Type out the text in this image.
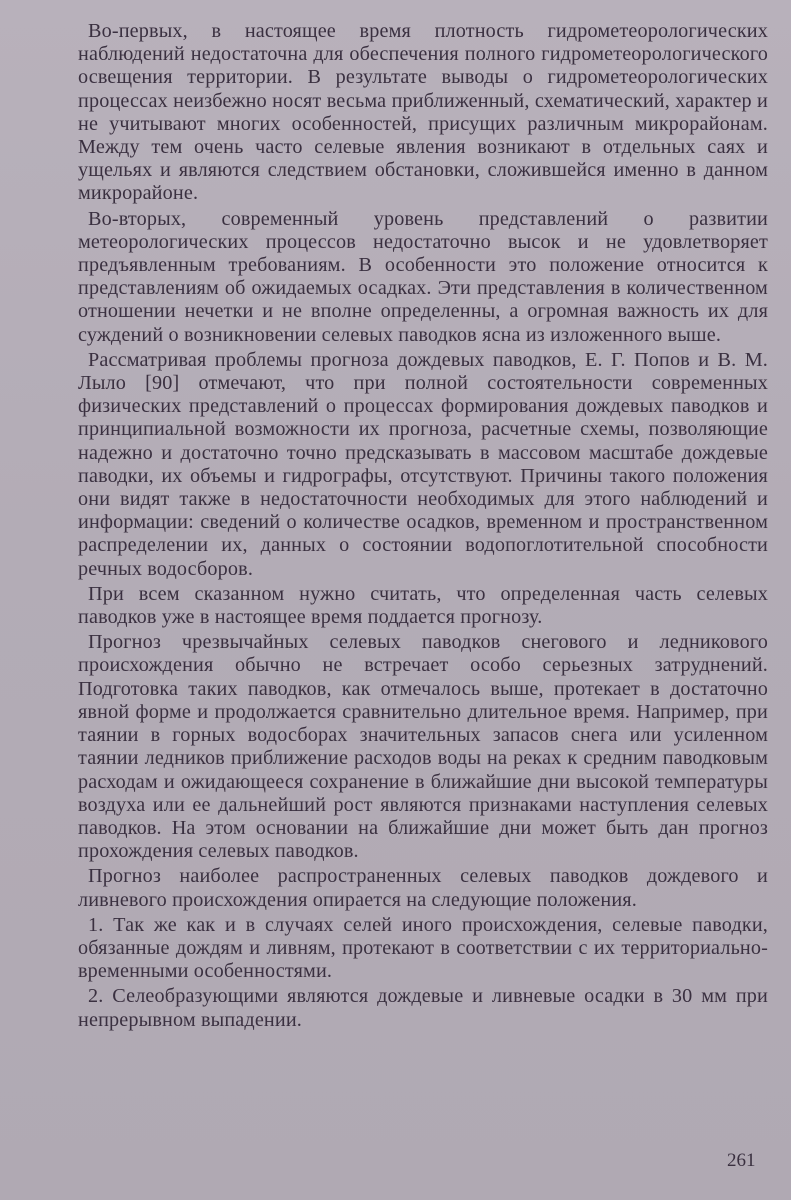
Во-первых, в настоящее время плотность гидрометеорологических наблюдений недостаточна для обеспечения полного гидрометеорологического освещения территории. В результате выводы о гидрометеорологических процессах неизбежно носят весьма приближенный, схематический, характер и не учитывают многих особенностей, присущих различным микрорайонам. Между тем очень часто селевые явления возникают в отдельных саях и ущельях и являются следствием обстановки, сложившейся именно в данном микрорайоне.

Во-вторых, современный уровень представлений о развитии метеорологических процессов недостаточно высок и не удовлетворяет предъявленным требованиям. В особенности это положение относится к представлениям об ожидаемых осадках. Эти представления в количественном отношении нечетки и не вполне определенны, а огромная важность их для суждений о возникновении селевых паводков ясна из изложенного выше.

Рассматривая проблемы прогноза дождевых паводков, Е. Г. Попов и В. М. Лыло [90] отмечают, что при полной состоятельности современных физических представлений о процессах формирования дождевых паводков и принципиальной возможности их прогноза, расчетные схемы, позволяющие надежно и достаточно точно предсказывать в массовом масштабе дождевые паводки, их объемы и гидрографы, отсутствуют. Причины такого положения они видят также в недостаточности необходимых для этого наблюдений и информации: сведений о количестве осадков, временном и пространственном распределении их, данных о состоянии водопоглотительной способности речных водосборов.

При всем сказанном нужно считать, что определенная часть селевых паводков уже в настоящее время поддается прогнозу.

Прогноз чрезвычайных селевых паводков снегового и ледникового происхождения обычно не встречает особо серьезных затруднений. Подготовка таких паводков, как отмечалось выше, протекает в достаточно явной форме и продолжается сравнительно длительное время. Например, при таянии в горных водосборах значительных запасов снега или усиленном таянии ледников приближение расходов воды на реках к средним паводковым расходам и ожидающееся сохранение в ближайшие дни высокой температуры воздуха или ее дальнейший рост являются признаками наступления селевых паводков. На этом основании на ближайшие дни может быть дан прогноз прохождения селевых паводков.

Прогноз наиболее распространенных селевых паводков дождевого и ливневого происхождения опирается на следующие положения.

1. Так же как и в случаях селей иного происхождения, селевые паводки, обязанные дождям и ливням, протекают в соответствии с их территориально-временными особенностями.

2. Селеобразующими являются дождевые и ливневые осадки в 30 мм при непрерывном выпадении.

261
